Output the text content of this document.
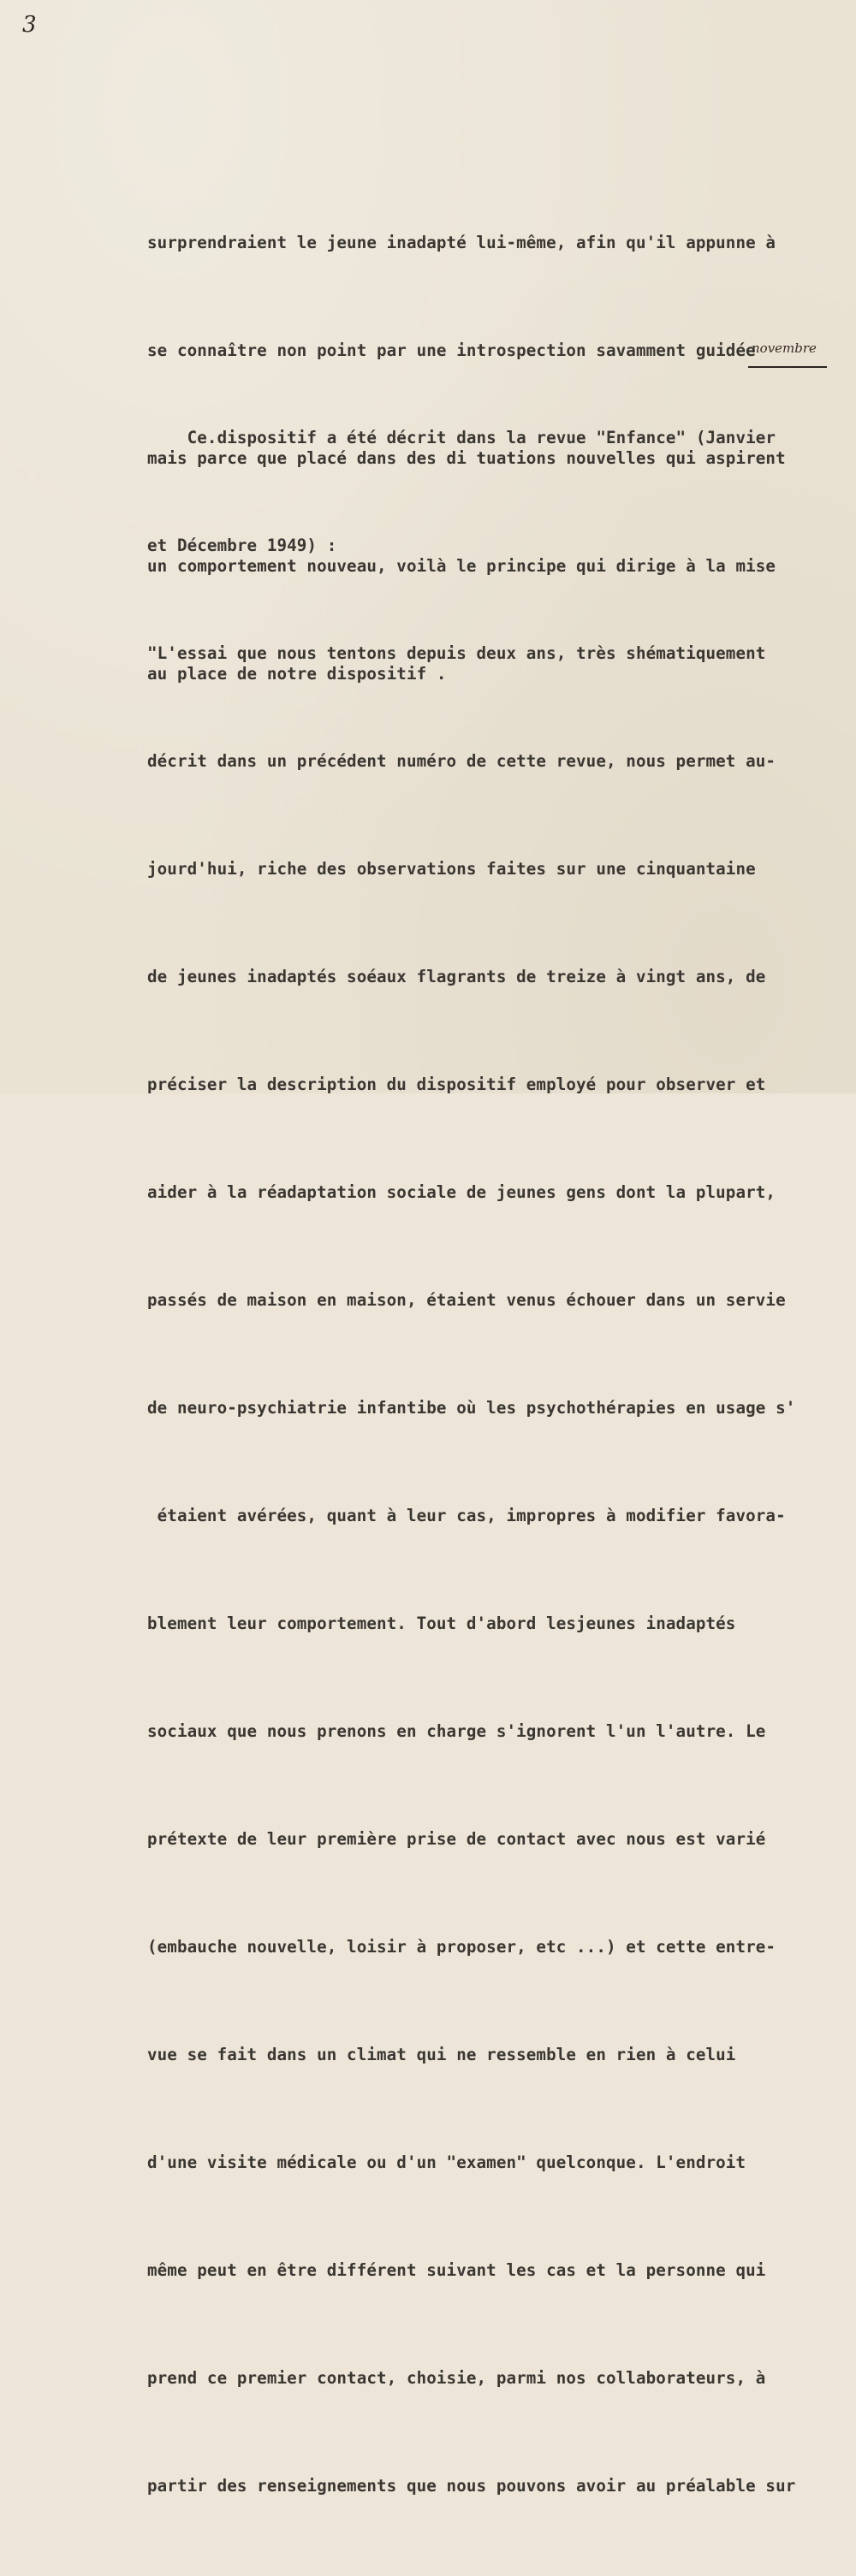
3

surprendraient le jeune inadapté lui-même, afin qu'il appunne à

se connaître non point par une introspection savamment guidée

mais parce que placé dans des di tuations nouvelles qui aspirent

un comportement nouveau, voilà le principe qui dirige à la mise

au place de notre dispositif .

Ce.dispositif a été décrit dans la revue "Enfance" (Janvier

et Décembre 1949) :

"L'essai que nous tentons depuis deux ans, très shématiquement

décrit dans un précédent numéro de cette revue, nous permet au-

jourd'hui, riche des observations faites sur une cinquantaine

de jeunes inadaptés soéaux flagrants de treize à vingt ans, de

préciser la description du dispositif employé pour observer et

aider à la réadaptation sociale de jeunes gens dont la plupart,

passés de maison en maison, étaient venus échouer dans un servie

de neuro-psychiatrie infantibe où les psychothérapies en usage s'

étaient avérées, quant à leur cas, impropres à modifier favora-

blement leur comportement. Tout d'abord lesjeunes inadaptés

sociaux que nous prenons en charge s'ignorent l'un l'autre. Le

prétexte de leur première prise de contact avec nous est varié

(embauche nouvelle, loisir à proposer, etc ...) et cette entre-

vue se fait dans un climat qui ne ressemble en rien à celui

d'une visite médicale ou d'un "examen" quelconque. L'endroit

même peut en être différent suivant les cas et la personne qui

prend ce premier contact, choisie, parmi nos collaborateurs, à

partir des renseignements que nous pouvons avoir au préalable sur

novembre
